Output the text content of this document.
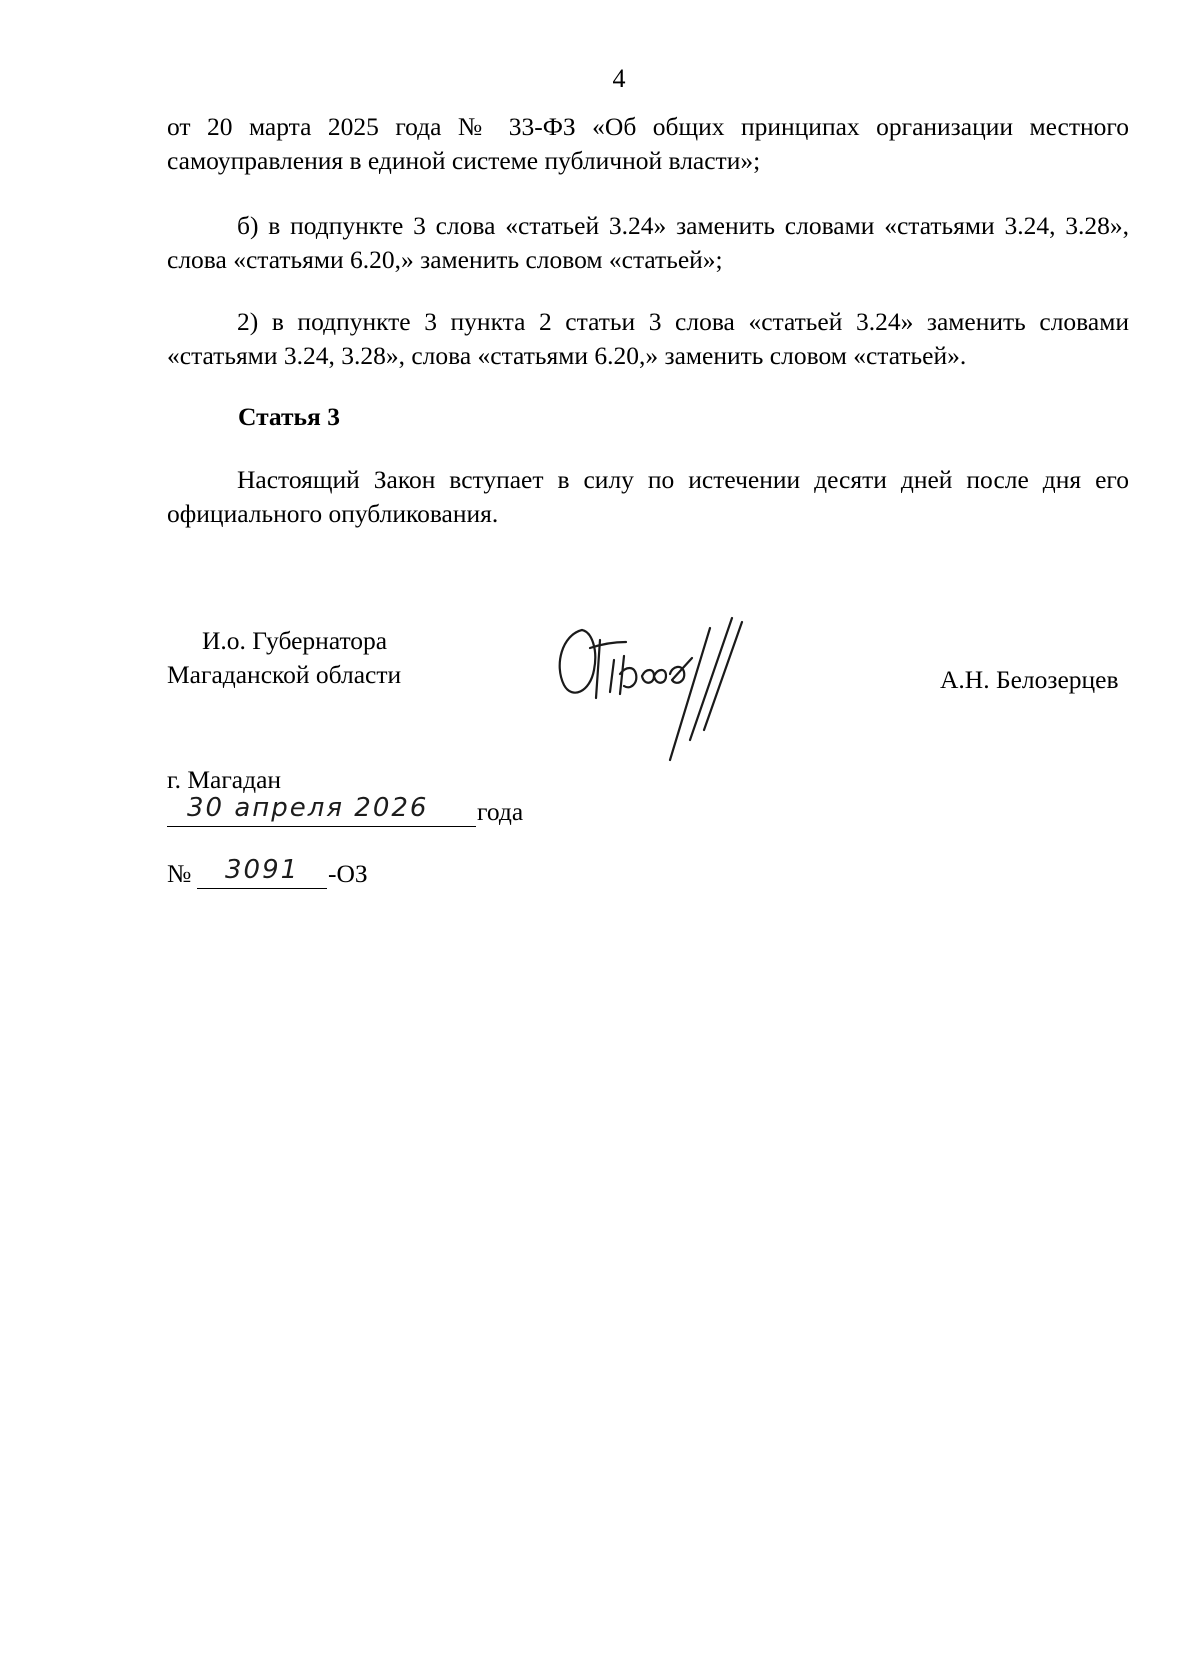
4

от 20 марта 2025 года № 33-ФЗ «Об общих принципах организации местного самоуправления в единой системе публичной власти»;

б) в подпункте 3 слова «статьей 3.24» заменить словами «статьями 3.24, 3.28», слова «статьями 6.20,» заменить словом «статьей»;

2) в подпункте 3 пункта 2 статьи 3 слова «статьей 3.24» заменить словами «статьями 3.24, 3.28», слова «статьями 6.20,» заменить словом «статьей».

Статья 3

Настоящий Закон вступает в силу по истечении десяти дней после дня его официального опубликования.

И.о. Губернатора

Магаданской области	А.Н. Белозерцев

г. Магадан

30 апреля 2026 года
№ 3091 -ОЗ
